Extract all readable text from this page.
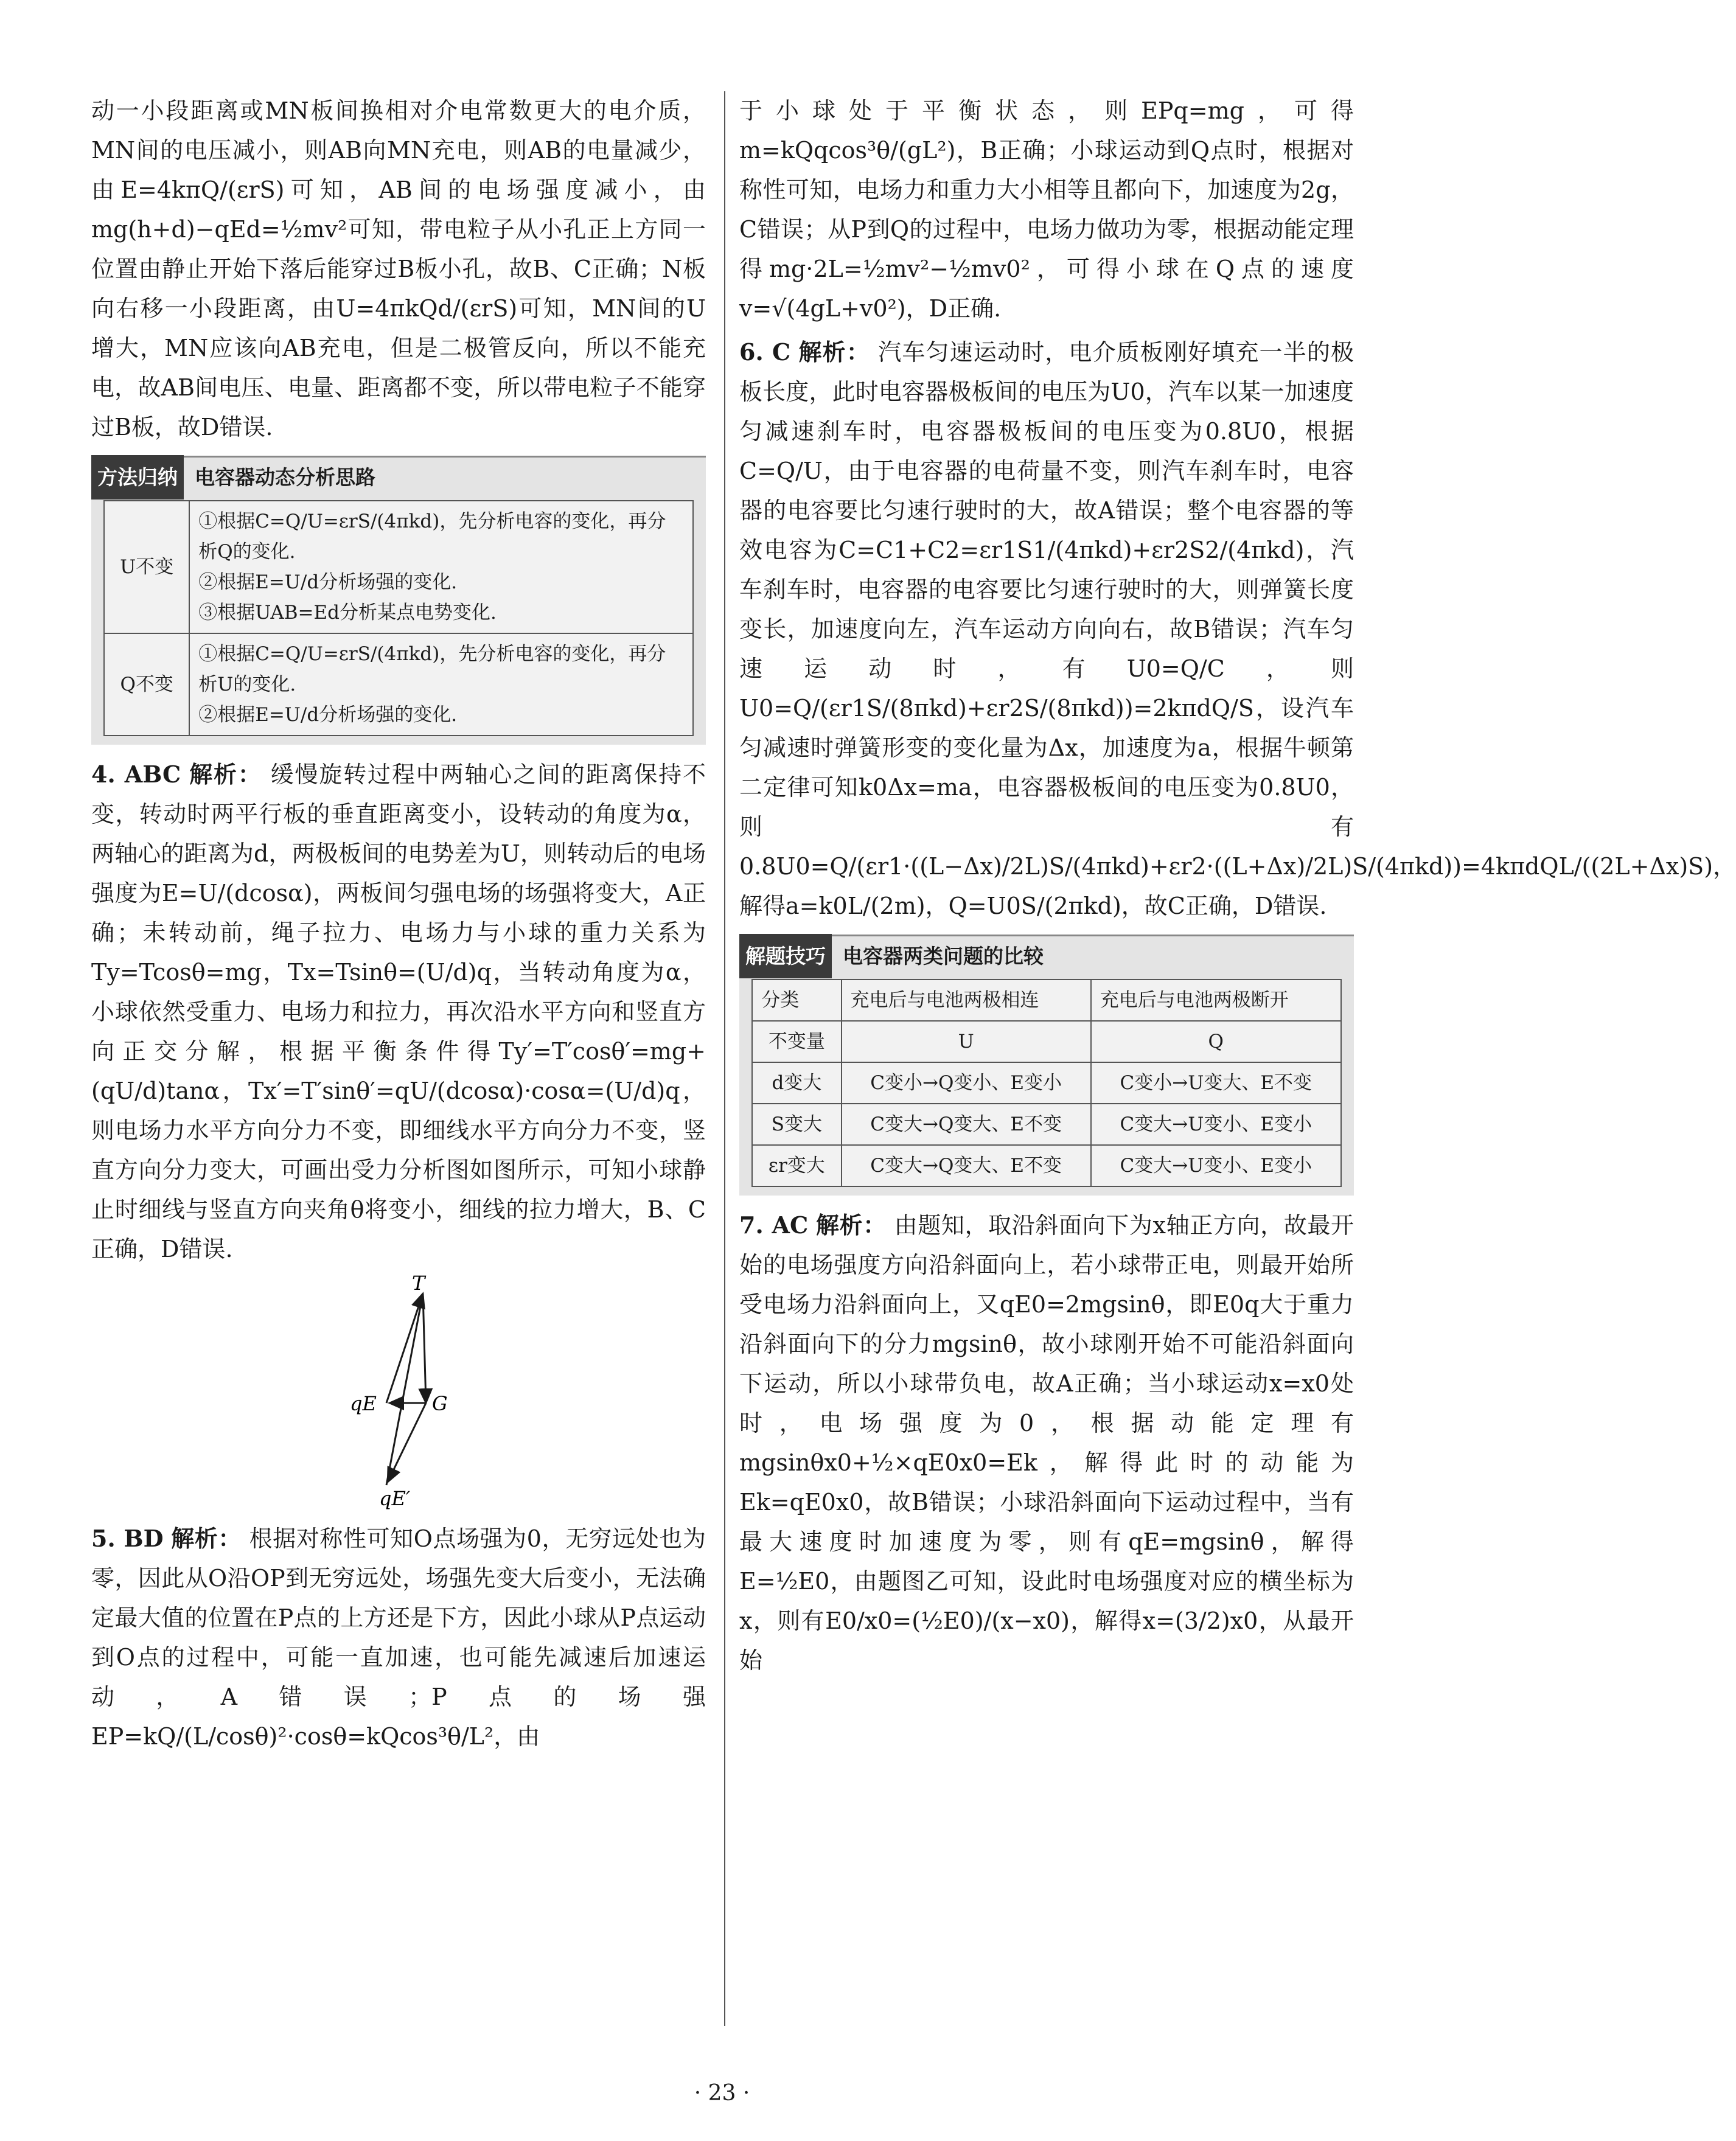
动一小段距离或MN板间换相对介电常数更大的电介质，MN间的电压减小，则AB向MN充电，则AB的电量减少，由E=4kπQ/(εrS)可知，AB间的电场强度减小，由mg(h+d)−qEd=½mv²可知，带电粒子从小孔正上方同一位置由静止开始下落后能穿过B板小孔，故B、C正确；N板向右移一小段距离，由U=4πkQd/(εrS)可知，MN间的U增大，MN应该向AB充电，但是二极管反向，所以不能充电，故AB间电压、电量、距离都不变，所以带电粒子不能穿过B板，故D错误.

方法归纳 电容器动态分析思路
U不变	①根据C=Q/U=εrS/(4πkd)，先分析电容的变化，再分析Q的变化.
②根据E=U/d分析场强的变化.
③根据UAB=Ed分析某点电势变化.

Q不变	①根据C=Q/U=εrS/(4πkd)，先分析电容的变化，再分析U的变化.
②根据E=U/d分析场强的变化.

4. ABC 解析： 缓慢旋转过程中两轴心之间的距离保持不变，转动时两平行板的垂直距离变小，设转动的角度为α，两轴心的距离为d，两极板间的电势差为U，则转动后的电场强度为E=U/(dcosα)，两板间匀强电场的场强将变大，A正确；未转动前，绳子拉力、电场力与小球的重力关系为Ty=Tcosθ=mg，Tx=Tsinθ=(U/d)q，当转动角度为α，小球依然受重力、电场力和拉力，再次沿水平方向和竖直方向正交分解，根据平衡条件得Ty′=T′cosθ′=mg+(qU/d)tanα，Tx′=T′sinθ′=qU/(dcosα)·cosα=(U/d)q，则电场力水平方向分力不变，即细线水平方向分力不变，竖直方向分力变大，可画出受力分析图如图所示，可知小球静止时细线与竖直方向夹角θ将变小，细线的拉力增大，B、C正确，D错误.

T
qE	G
qE′

5. BD 解析： 根据对称性可知O点场强为0，无穷远处也为零，因此从O沿OP到无穷远处，场强先变大后变小，无法确定最大值的位置在P点的上方还是下方，因此小球从P点运动到O点的过程中，可能一直加速，也可能先减速后加速运动，A错误；P点的场强EP=kQ/(L/cosθ)²·cosθ=kQcos³θ/L²，由

于小球处于平衡状态，则EPq=mg，可得m=kQqcos³θ/(gL²)，B正确；小球运动到Q点时，根据对称性可知，电场力和重力大小相等且都向下，加速度为2g，C错误；从P到Q的过程中，电场力做功为零，根据动能定理得mg·2L=½mv²−½mv0²，可得小球在Q点的速度v=√(4gL+v0²)，D正确.

6. C 解析： 汽车匀速运动时，电介质板刚好填充一半的极板长度，此时电容器极板间的电压为U0，汽车以某一加速度匀减速刹车时，电容器极板间的电压变为0.8U0，根据C=Q/U，由于电容器的电荷量不变，则汽车刹车时，电容器的电容要比匀速行驶时的大，故A错误；整个电容器的等效电容为C=C1+C2=εr1S1/(4πkd)+εr2S2/(4πkd)，汽车刹车时，电容器的电容要比匀速行驶时的大，则弹簧长度变长，加速度向左，汽车运动方向向右，故B错误；汽车匀速运动时，有U0=Q/C，则U0=Q/(εr1S/(8πkd)+εr2S/(8πkd))=2kπdQ/S，设汽车匀减速时弹簧形变的变化量为Δx，加速度为a，根据牛顿第二定律可知k0Δx=ma，电容器极板间的电压变为0.8U0，则有0.8U0=Q/(εr1·((L−Δx)/2L)S/(4πkd)+εr2·((L+Δx)/2L)S/(4πkd))=4kπdQL/((2L+Δx)S)，解得a=k0L/(2m)，Q=U0S/(2πkd)，故C正确，D错误.

解题技巧 电容器两类问题的比较
分类	充电后与电池两极相连	充电后与电池两极断开
不变量	U	Q
d变大	C变小→Q变小、E变小	C变小→U变大、E不变
S变大	C变大→Q变大、E不变	C变大→U变小、E变小
εr变大	C变大→Q变大、E不变	C变大→U变小、E变小

7. AC 解析： 由题知，取沿斜面向下为x轴正方向，故最开始的电场强度方向沿斜面向上，若小球带正电，则最开始所受电场力沿斜面向上，又qE0=2mgsinθ，即E0q大于重力沿斜面向下的分力mgsinθ，故小球刚开始不可能沿斜面向下运动，所以小球带负电，故A正确；当小球运动x=x0处时，电场强度为0，根据动能定理有mgsinθx0+½×qE0x0=Ek，解得此时的动能为Ek=qE0x0，故B错误；小球沿斜面向下运动过程中，当有最大速度时加速度为零，则有qE=mgsinθ，解得E=½E0，由题图乙可知，设此时电场强度对应的横坐标为x，则有E0/x0=(½E0)/(x−x0)，解得x=(3/2)x0，从最开始

· 23 ·
